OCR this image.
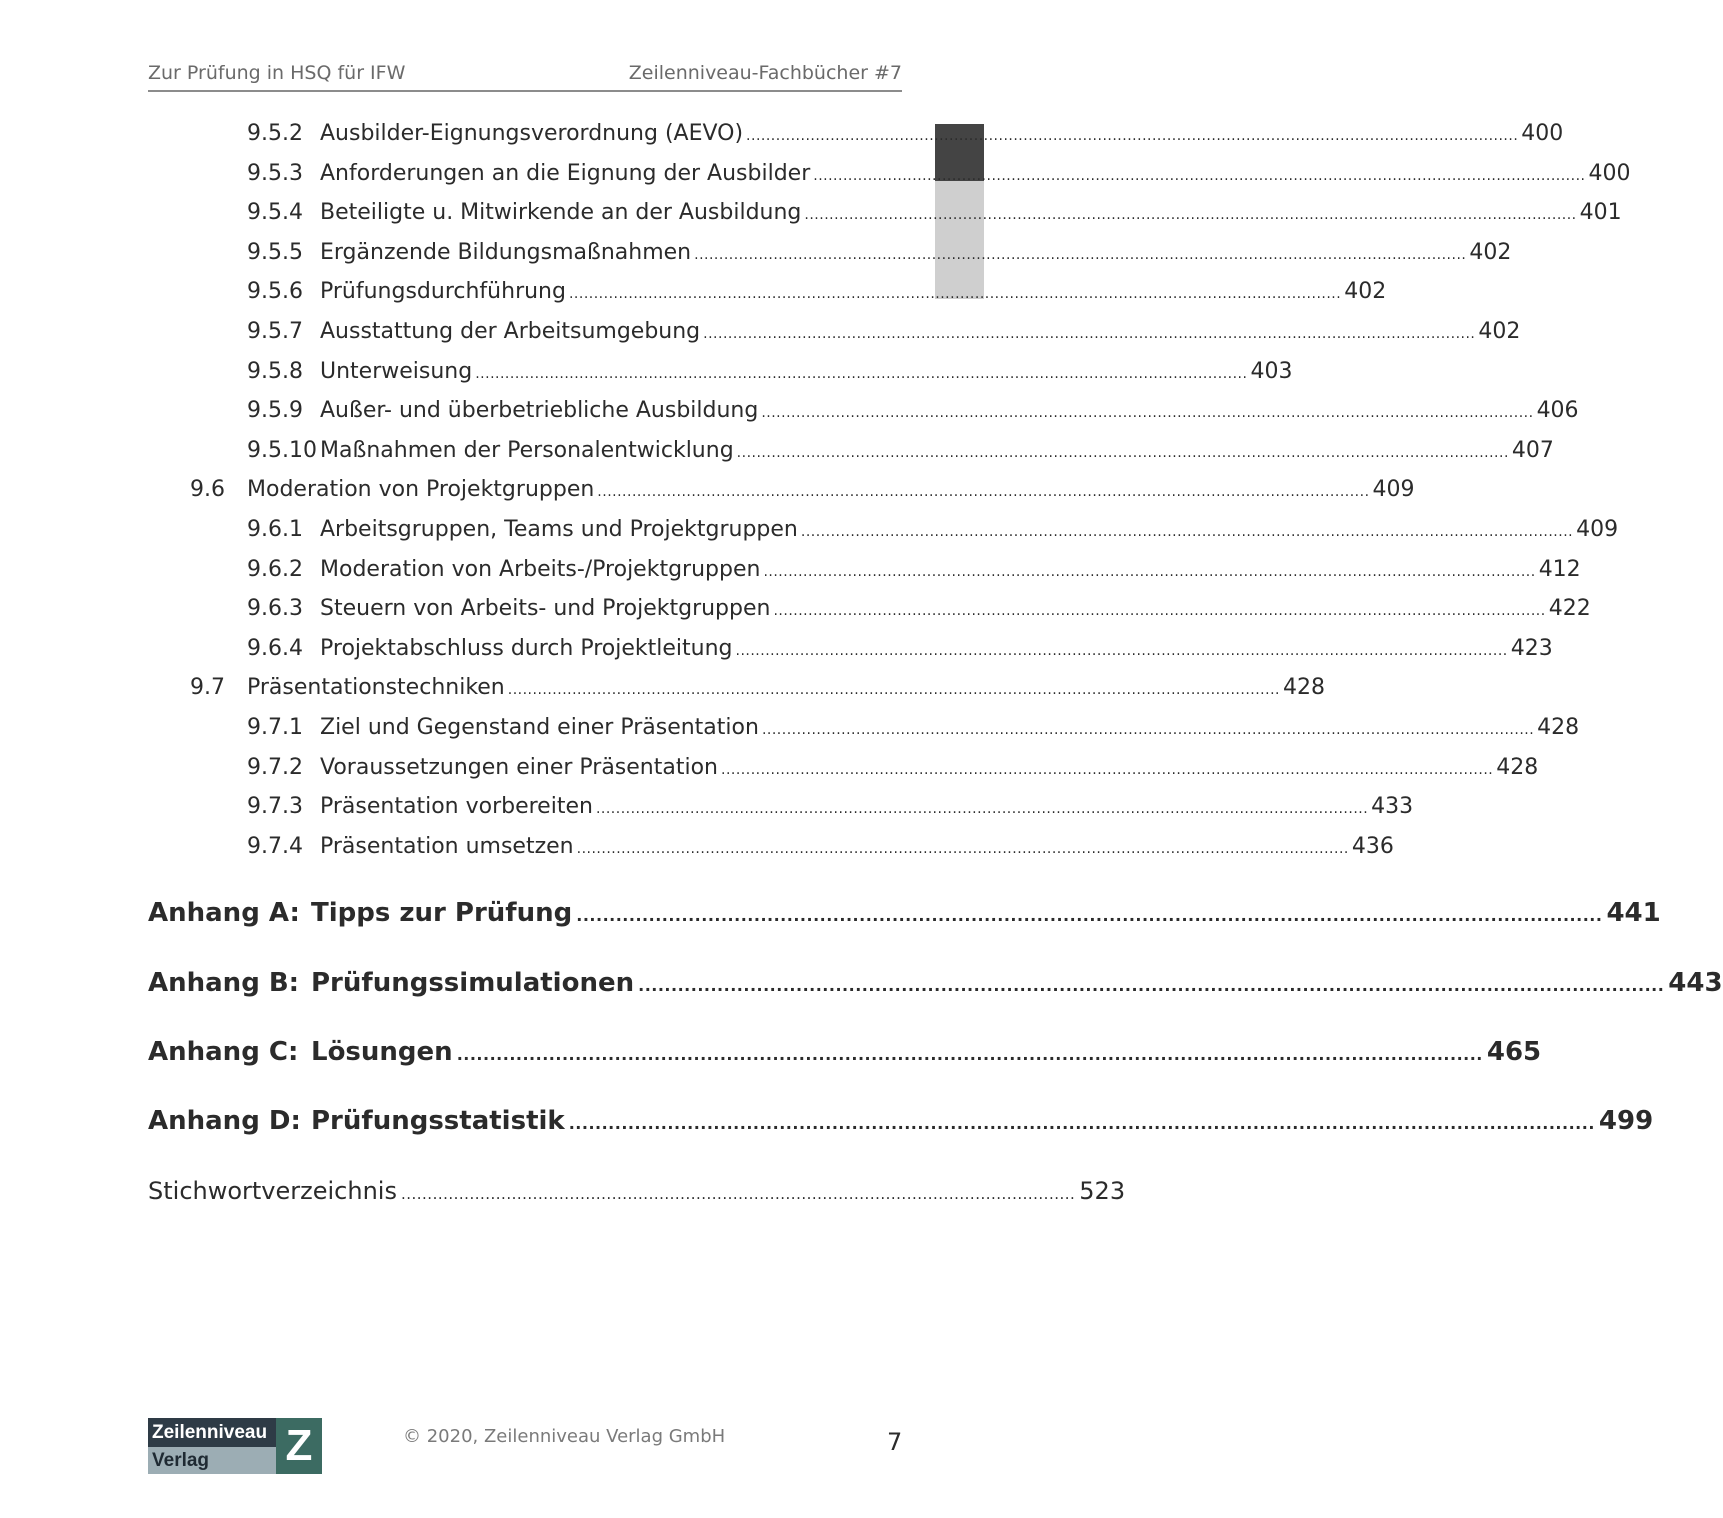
Zur Prüfung in HSQ für IFW	Zeilenniveau-Fachbücher #7
9.5.2 Ausbilder-Eignungsverordnung (AEVO) ............................................................................................................................................................ 400
9.5.3 Anforderungen an die Eignung der Ausbilder ............................................................................................................................................................ 400
9.5.4 Beteiligte u. Mitwirkende an der Ausbildung ............................................................................................................................................................ 401
9.5.5 Ergänzende Bildungsmaßnahmen ............................................................................................................................................................ 402
9.5.6 Prüfungsdurchführung ............................................................................................................................................................ 402
9.5.7 Ausstattung der Arbeitsumgebung ............................................................................................................................................................ 402
9.5.8 Unterweisung ............................................................................................................................................................ 403
9.5.9 Außer- und überbetriebliche Ausbildung ............................................................................................................................................................ 406
9.5.10 Maßnahmen der Personalentwicklung ............................................................................................................................................................ 407
9.6 Moderation von Projektgruppen ............................................................................................................................................................ 409
9.6.1 Arbeitsgruppen, Teams und Projektgruppen ............................................................................................................................................................ 409
9.6.2 Moderation von Arbeits-/Projektgruppen ............................................................................................................................................................ 412
9.6.3 Steuern von Arbeits- und Projektgruppen ............................................................................................................................................................ 422
9.6.4 Projektabschluss durch Projektleitung ............................................................................................................................................................ 423
9.7 Präsentationstechniken ............................................................................................................................................................ 428
9.7.1 Ziel und Gegenstand einer Präsentation ............................................................................................................................................................ 428
9.7.2 Voraussetzungen einer Präsentation ............................................................................................................................................................ 428
9.7.3 Präsentation vorbereiten ............................................................................................................................................................ 433
9.7.4 Präsentation umsetzen ............................................................................................................................................................ 436
Anhang A: Tipps zur Prüfung ............................................................................................................................................................ 441
Anhang B: Prüfungssimulationen ............................................................................................................................................................ 443
Anhang C: Lösungen ............................................................................................................................................................ 465
Anhang D: Prüfungsstatistik ............................................................................................................................................................ 499
Stichwortverzeichnis ................................................................................................................................ 523
Zeilenniveau
Verlag	Z	© 2020, Zeilenniveau Verlag GmbH	7
